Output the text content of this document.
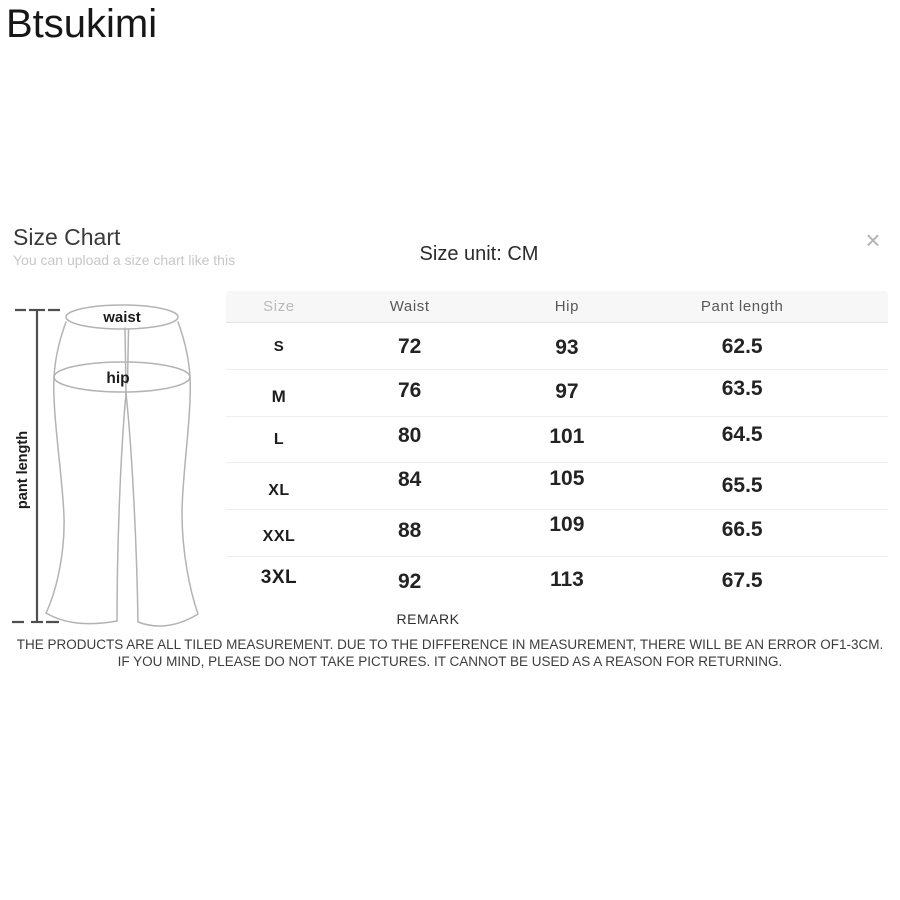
Btsukimi
Size Chart
You can upload a size chart like this
×
Size unit: CM
waist
hip
pant length
Size	Waist	Hip	Pant length
S	72	93	62.5
M	76	97	63.5
L	80	101	64.5
XL	84	105	65.5
XXL	88	109	66.5
3XL	92	113	67.5
REMARK
THE PRODUCTS ARE ALL TILED MEASUREMENT. DUE TO THE DIFFERENCE IN MEASUREMENT, THERE WILL BE AN ERROR OF1-3CM.
IF YOU MIND, PLEASE DO NOT TAKE PICTURES. IT CANNOT BE USED AS A REASON FOR RETURNING.
